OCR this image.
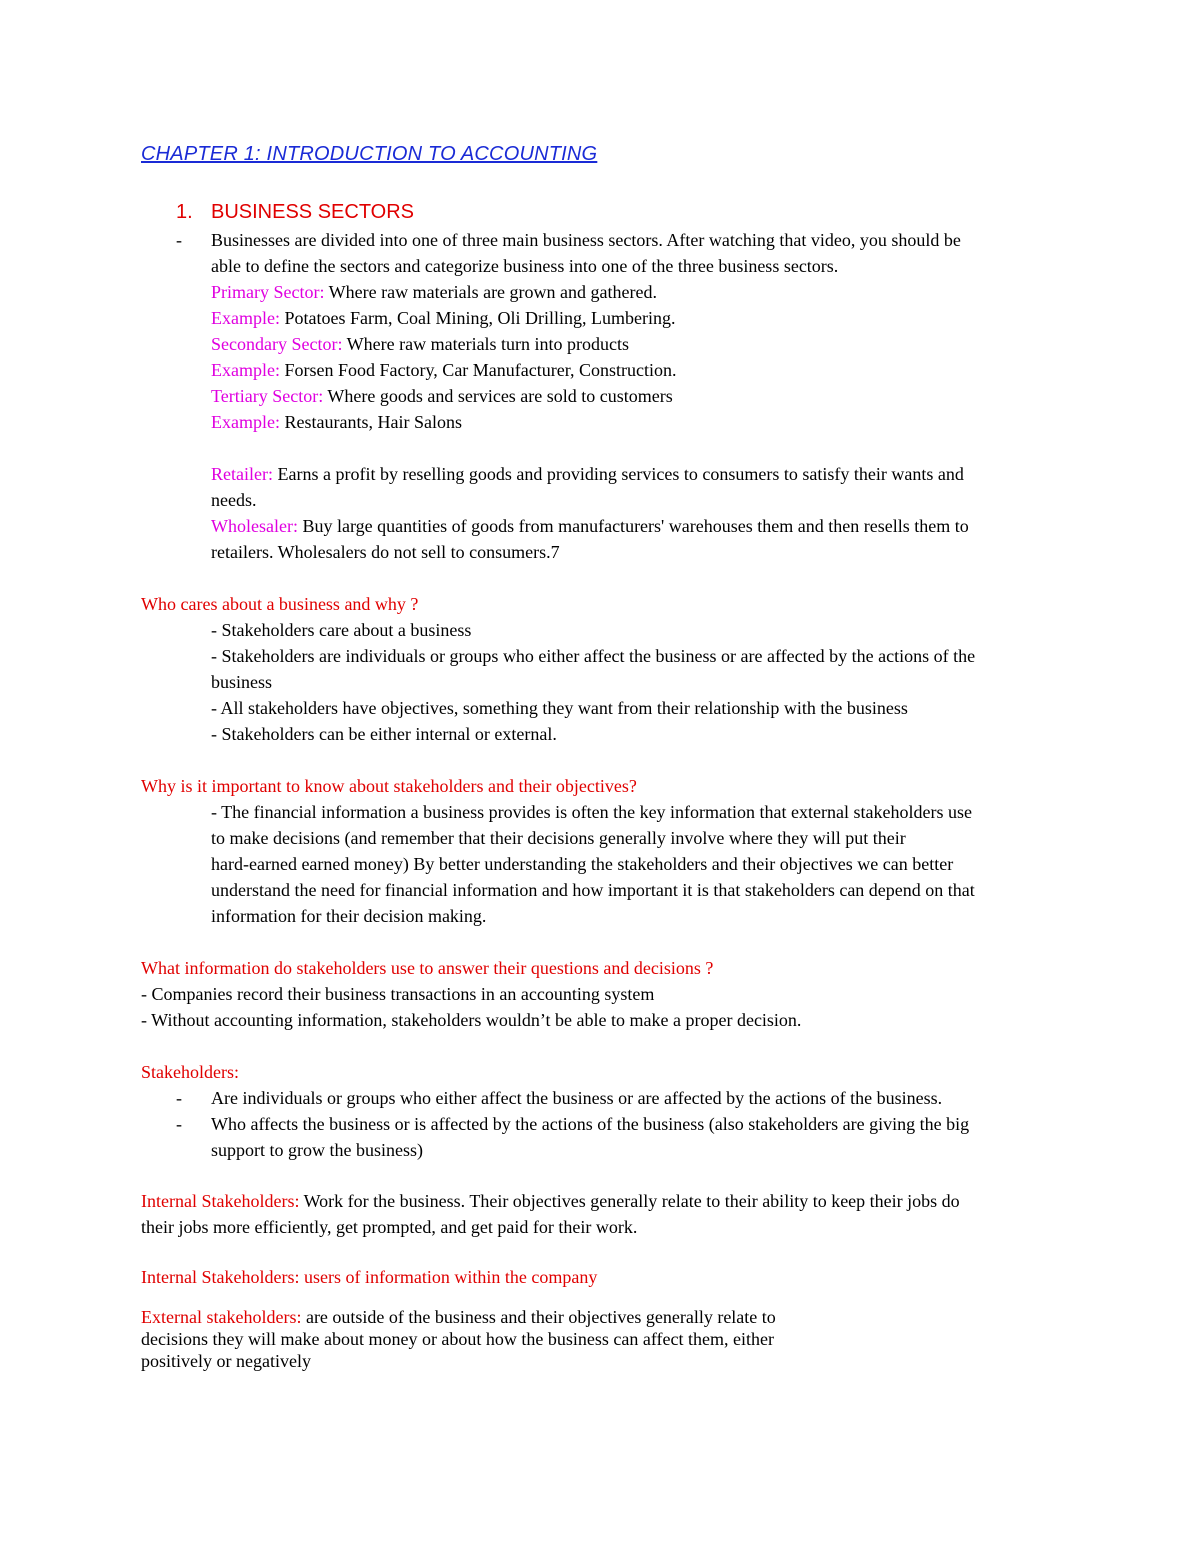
CHAPTER 1: INTRODUCTION TO ACCOUNTING
1. BUSINESS SECTORS
- Businesses are divided into one of three main business sectors. After watching that video, you should be
able to define the sectors and categorize business into one of the three business sectors.
Primary Sector: Where raw materials are grown and gathered.
Example: Potatoes Farm, Coal Mining, Oli Drilling, Lumbering.
Secondary Sector: Where raw materials turn into products
Example: Forsen Food Factory, Car Manufacturer, Construction.
Tertiary Sector: Where goods and services are sold to customers
Example: Restaurants, Hair Salons
Retailer: Earns a profit by reselling goods and providing services to consumers to satisfy their wants and
needs.
Wholesaler: Buy large quantities of goods from manufacturers' warehouses them and then resells them to
retailers. Wholesalers do not sell to consumers.7
Who cares about a business and why ?
- Stakeholders care about a business
- Stakeholders are individuals or groups who either affect the business or are affected by the actions of the
business
- All stakeholders have objectives, something they want from their relationship with the business
- Stakeholders can be either internal or external.
Why is it important to know about stakeholders and their objectives?
- The financial information a business provides is often the key information that external stakeholders use
to make decisions (and remember that their decisions generally involve where they will put their
hard-earned earned money) By better understanding the stakeholders and their objectives we can better
understand the need for financial information and how important it is that stakeholders can depend on that
information for their decision making.
What information do stakeholders use to answer their questions and decisions ?
- Companies record their business transactions in an accounting system
- Without accounting information, stakeholders wouldn’t be able to make a proper decision.
Stakeholders:
- Are individuals or groups who either affect the business or are affected by the actions of the business.
- Who affects the business or is affected by the actions of the business (also stakeholders are giving the big
support to grow the business)
Internal Stakeholders: Work for the business. Their objectives generally relate to their ability to keep their jobs do
their jobs more efficiently, get prompted, and get paid for their work.
Internal Stakeholders: users of information within the company
External stakeholders: are outside of the business and their objectives generally relate to
decisions they will make about money or about how the business can affect them, either
positively or negatively
